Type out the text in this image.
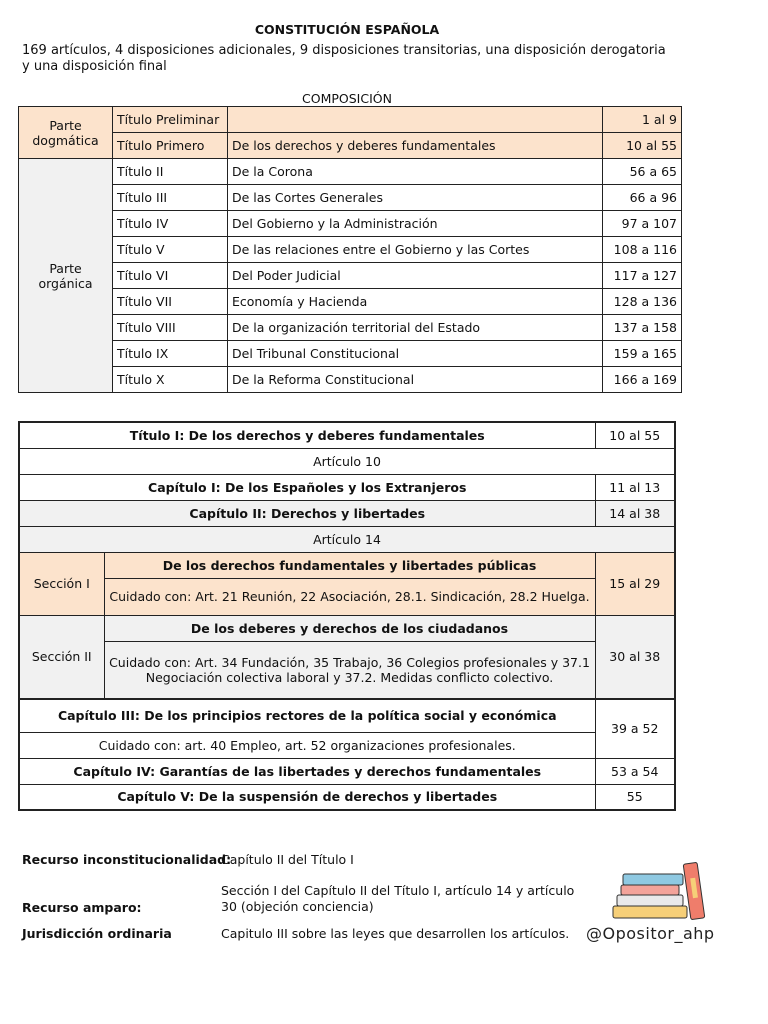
CONSTITUCIÓN ESPAÑOLA
169 artículos, 4 disposiciones adicionales, 9 disposiciones transitorias, una disposición derogatoria y una disposición final
COMPOSICIÓN
Parte dogmática	Título Preliminar		1 al 9
	Título Primero	De los derechos y deberes fundamentales	10 al 55
Parte orgánica	Título II	De la Corona	56 a 65
	Título III	De las Cortes Generales	66 a 96
	Título IV	Del Gobierno y la Administración	97 a 107
	Título V	De las relaciones entre el Gobierno y las Cortes	108 a 116
	Título VI	Del Poder Judicial	117 a 127
	Título VII	Economía y Hacienda	128 a 136
	Título VIII	De la organización territorial del Estado	137 a 158
	Título IX	Del Tribunal Constitucional	159 a 165
	Título X	De la Reforma Constitucional	166 a 169
Título I: De los derechos y deberes fundamentales		10 al 55
Artículo 10		
Capítulo I: De los Españoles y los Extranjeros		11 al 13
Capítulo II: Derechos y libertades		14 al 38
Artículo 14		
Sección I	De los derechos fundamentales y libertades públicas	15 al 29
	Cuidado con: Art. 21 Reunión, 22 Asociación, 28.1. Sindicación, 28.2 Huelga.	
Sección II	De los deberes y derechos de los ciudadanos	30 al 38
	Cuidado con: Art. 34 Fundación, 35 Trabajo, 36 Colegios profesionales y 37.1 Negociación colectiva laboral y 37.2. Medidas conflicto colectivo.	
Capítulo III: De los principios rectores de la política social y económica		39 a 52
Cuidado con: art. 40 Empleo, art. 52 organizaciones profesionales.		
Capítulo IV: Garantías de las libertades y derechos fundamentales		53 a 54
Capítulo V: De la suspensión de derechos y libertades		55
Recurso inconstitucionalidad:
Capítulo II del Título I
Recurso amparo:
Sección I del Capítulo II del Título I, artículo 14 y artículo 30 (objeción conciencia)
Jurisdicción ordinaria	Capitulo III sobre las leyes que desarrollen los artículos. @Opositor_ahp
